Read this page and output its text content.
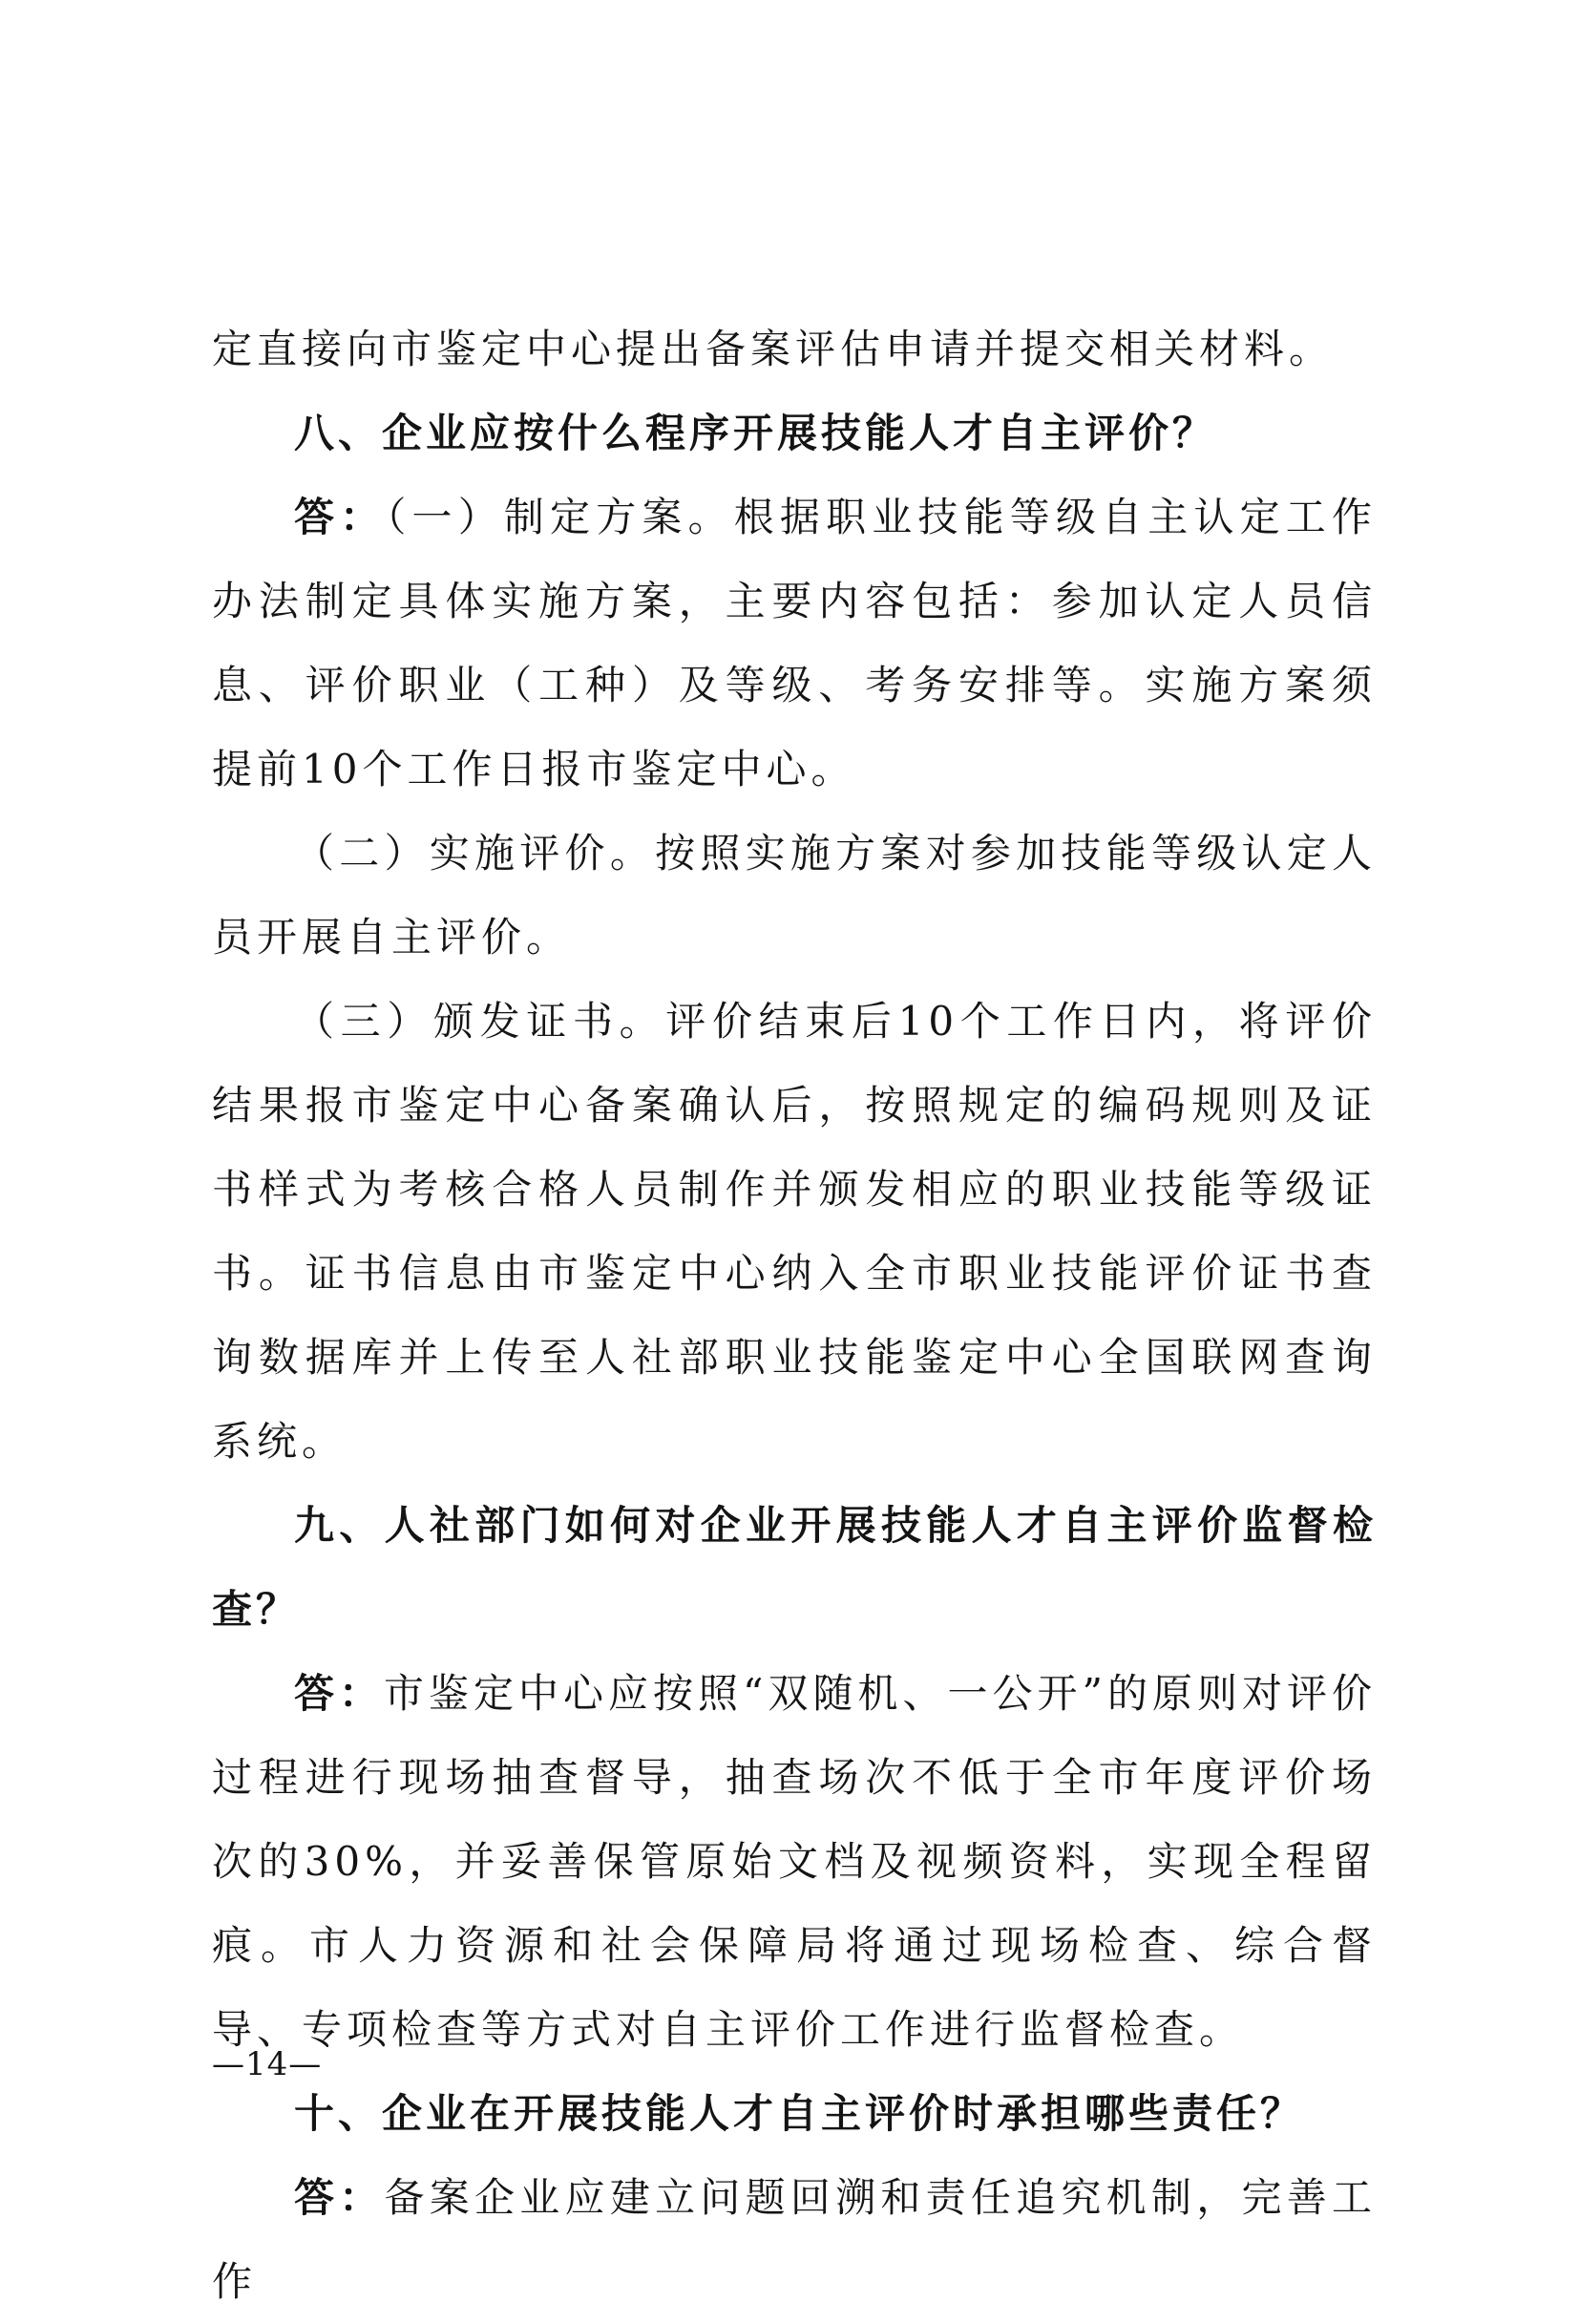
定直接向市鉴定中心提出备案评估申请并提交相关材料。

八、企业应按什么程序开展技能人才自主评价？

答：（一）制定方案。根据职业技能等级自主认定工作办法制定具体实施方案，主要内容包括：参加认定人员信息、评价职业（工种）及等级、考务安排等。实施方案须提前10个工作日报市鉴定中心。

（二）实施评价。按照实施方案对参加技能等级认定人员开展自主评价。

（三）颁发证书。评价结束后10个工作日内，将评价结果报市鉴定中心备案确认后，按照规定的编码规则及证书样式为考核合格人员制作并颁发相应的职业技能等级证书。证书信息由市鉴定中心纳入全市职业技能评价证书查询数据库并上传至人社部职业技能鉴定中心全国联网查询系统。

九、人社部门如何对企业开展技能人才自主评价监督检查？

答：市鉴定中心应按照“双随机、一公开”的原则对评价过程进行现场抽查督导，抽查场次不低于全市年度评价场次的30%，并妥善保管原始文档及视频资料，实现全程留痕。市人力资源和社会保障局将通过现场检查、综合督导、专项检查等方式对自主评价工作进行监督检查。

十、企业在开展技能人才自主评价时承担哪些责任？

答：备案企业应建立问题回溯和责任追究机制，完善工作

—14—
